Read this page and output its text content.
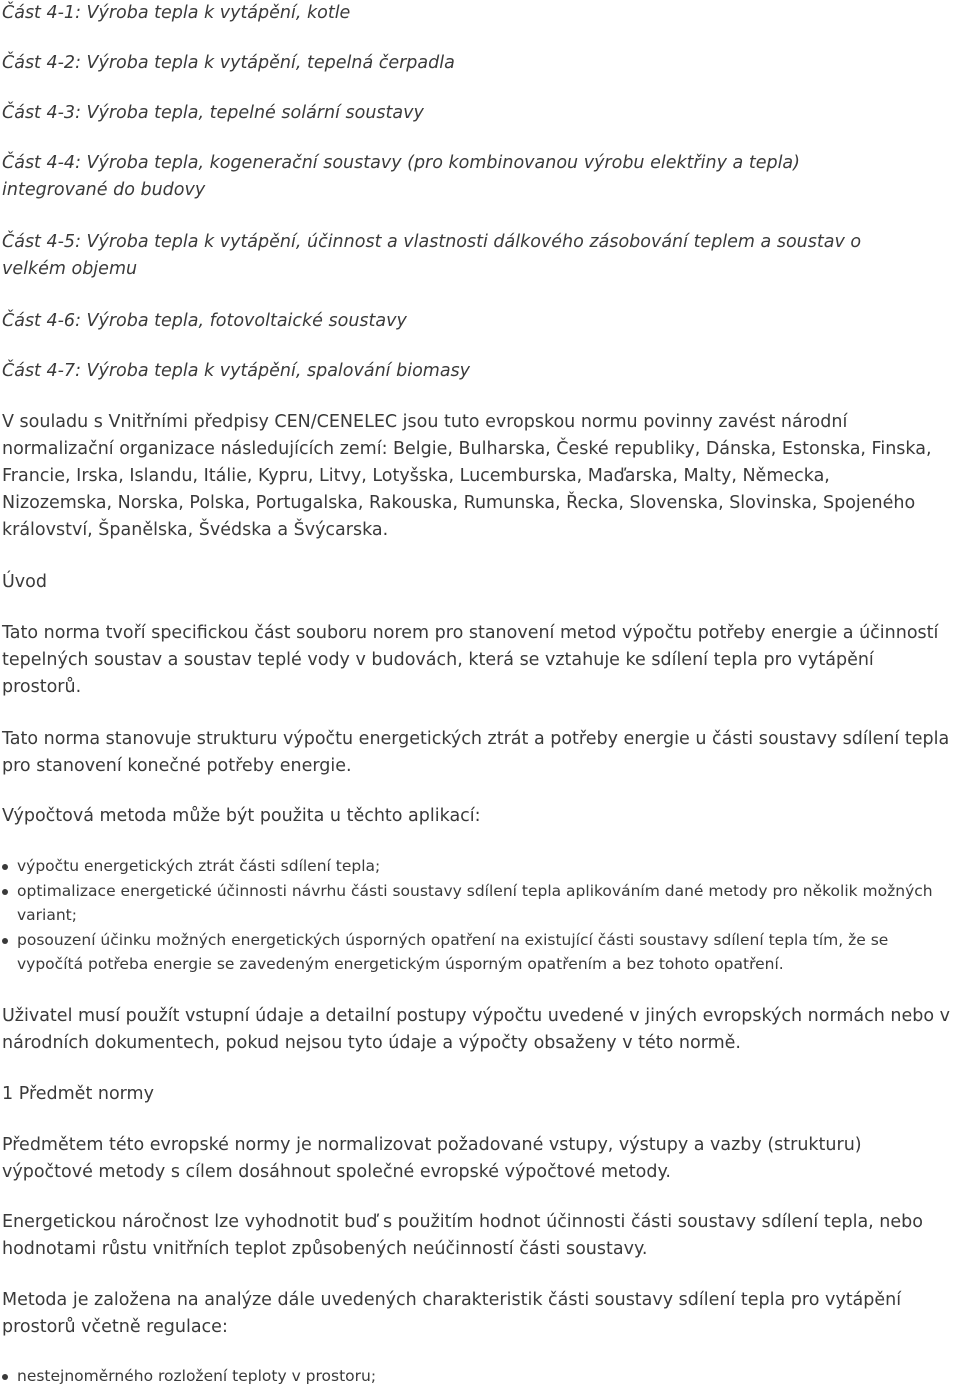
Část 4-1: Výroba tepla k vytápění, kotle

Část 4-2: Výroba tepla k vytápění, tepelná čerpadla

Část 4-3: Výroba tepla, tepelné solární soustavy

Část 4-4: Výroba tepla, kogenerační soustavy (pro kombinovanou výrobu elektřiny a tepla) integrované do budovy

Část 4-5: Výroba tepla k vytápění, účinnost a vlastnosti dálkového zásobování teplem a soustav o velkém objemu

Část 4-6: Výroba tepla, fotovoltaické soustavy

Část 4-7: Výroba tepla k vytápění, spalování biomasy

V souladu s Vnitřními předpisy CEN/CENELEC jsou tuto evropskou normu povinny zavést národní normalizační organizace následujících zemí: Belgie, Bulharska, České republiky, Dánska, Estonska, Finska, Francie, Irska, Islandu, Itálie, Kypru, Litvy, Lotyšska, Lucemburska, Maďarska, Malty, Německa, Nizozemska, Norska, Polska, Portugalska, Rakouska, Rumunska, Řecka, Slovenska, Slovinska, Spojeného království, Španělska, Švédska a Švýcarska.

Úvod

Tato norma tvoří specifickou část souboru norem pro stanovení metod výpočtu potřeby energie a účinností tepelných soustav a soustav teplé vody v budovách, která se vztahuje ke sdílení tepla pro vytápění prostorů.

Tato norma stanovuje strukturu výpočtu energetických ztrát a potřeby energie u části soustavy sdílení tepla pro stanovení konečné potřeby energie.

Výpočtová metoda může být použita u těchto aplikací:

výpočtu energetických ztrát části sdílení tepla;
optimalizace energetické účinnosti návrhu části soustavy sdílení tepla aplikováním dané metody pro několik možných variant;
posouzení účinku možných energetických úsporných opatření na existující části soustavy sdílení tepla tím, že se vypočítá potřeba energie se zavedeným energetickým úsporným opatřením a bez tohoto opatření.

Uživatel musí použít vstupní údaje a detailní postupy výpočtu uvedené v jiných evropských normách nebo v národních dokumentech, pokud nejsou tyto údaje a výpočty obsaženy v této normě.

1 Předmět normy

Předmětem této evropské normy je normalizovat požadované vstupy, výstupy a vazby (strukturu) výpočtové metody s cílem dosáhnout společné evropské výpočtové metody.

Energetickou náročnost lze vyhodnotit buď s použitím hodnot účinnosti části soustavy sdílení tepla, nebo hodnotami růstu vnitřních teplot způsobených neúčinností části soustavy.

Metoda je založena na analýze dále uvedených charakteristik části soustavy sdílení tepla pro vytápění prostorů včetně regulace:

nestejnoměrného rozložení teploty v prostoru;
